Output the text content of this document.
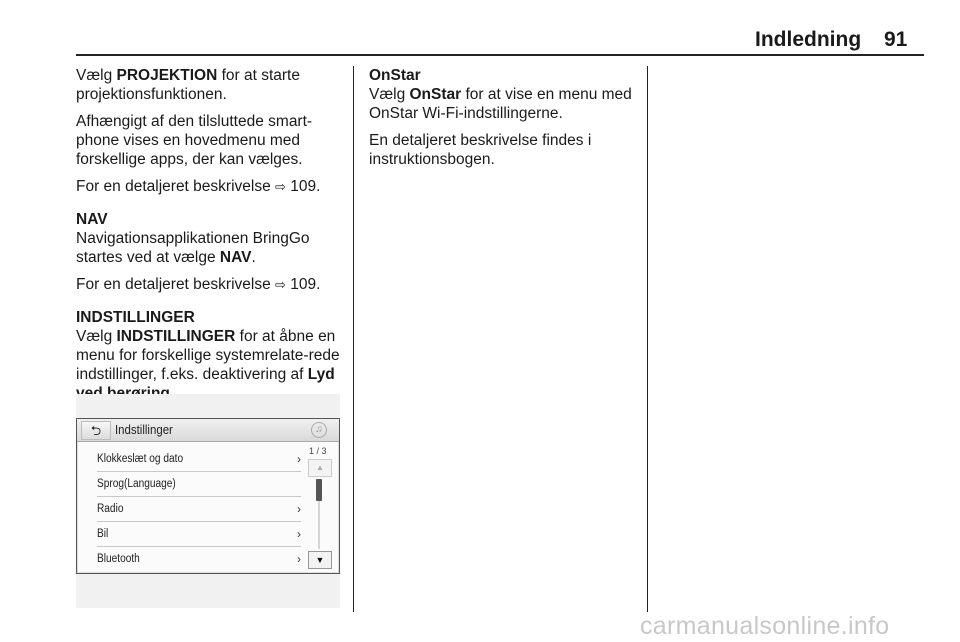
Indledning 91

Vælg PROJEKTION for at starte projektionsfunktionen.

Afhængigt af den tilsluttede smart-phone vises en hovedmenu med forskellige apps, der kan vælges.

For en detaljeret beskrivelse ⇨ 109.

NAV

Navigationsapplikationen BringGo startes ved at vælge NAV.

For en detaljeret beskrivelse ⇨ 109.

INDSTILLINGER

Vælg INDSTILLINGER for at åbne en menu for forskellige systemrelate-rede indstillinger, f.eks. deaktivering af Lyd

⮌	Indstillinger	♫
Klokkeslæt og dato	›
Sprog(Language)
Radio	›
Bil	›
Bluetooth	›
1 / 3
▲
▼

OnStar

Vælg OnStar for at vise en menu med OnStar Wi-Fi-indstillingerne.

En detaljeret beskrivelse findes i instruktionsbogen.

carmanualsonline.info
